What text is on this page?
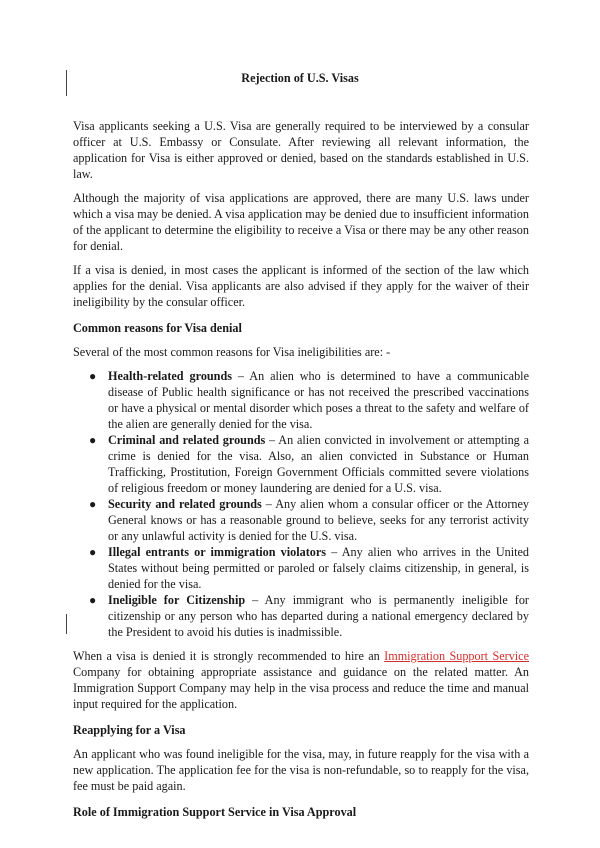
Rejection of U.S. Visas

Visa applicants seeking a U.S. Visa are generally required to be interviewed by a consular officer at U.S. Embassy or Consulate. After reviewing all relevant information, the application for Visa is either approved or denied, based on the standards established in U.S. law.

Although the majority of visa applications are approved, there are many U.S. laws under which a visa may be denied. A visa application may be denied due to insufficient information of the applicant to determine the eligibility to receive a Visa or there may be any other reason for denial.

If a visa is denied, in most cases the applicant is informed of the section of the law which applies for the denial. Visa applicants are also advised if they apply for the waiver of their ineligibility by the consular officer.

Common reasons for Visa denial

Several of the most common reasons for Visa ineligibilities are: -

● Health-related grounds – An alien who is determined to have a communicable disease of Public health significance or has not received the prescribed vaccinations or have a physical or mental disorder which poses a threat to the safety and welfare of the alien are generally denied for the visa.
● Criminal and related grounds – An alien convicted in involvement or attempting a crime is denied for the visa. Also, an alien convicted in Substance or Human Trafficking, Prostitution, Foreign Government Officials committed severe violations of religious freedom or money laundering are denied for a U.S. visa.
● Security and related grounds – Any alien whom a consular officer or the Attorney General knows or has a reasonable ground to believe, seeks for any terrorist activity or any unlawful activity is denied for the U.S. visa.
● Illegal entrants or immigration violators – Any alien who arrives in the United States without being permitted or paroled or falsely claims citizenship, in general, is denied for the visa.
● Ineligible for Citizenship – Any immigrant who is permanently ineligible for citizenship or any person who has departed during a national emergency declared by the President to avoid his duties is inadmissible.

When a visa is denied it is strongly recommended to hire an Immigration Support Service Company for obtaining appropriate assistance and guidance on the related matter. An Immigration Support Company may help in the visa process and reduce the time and manual input required for the application.

Reapplying for a Visa

An applicant who was found ineligible for the visa, may, in future reapply for the visa with a new application. The application fee for the visa is non-refundable, so to reapply for the visa, fee must be paid again.

Role of Immigration Support Service in Visa Approval
